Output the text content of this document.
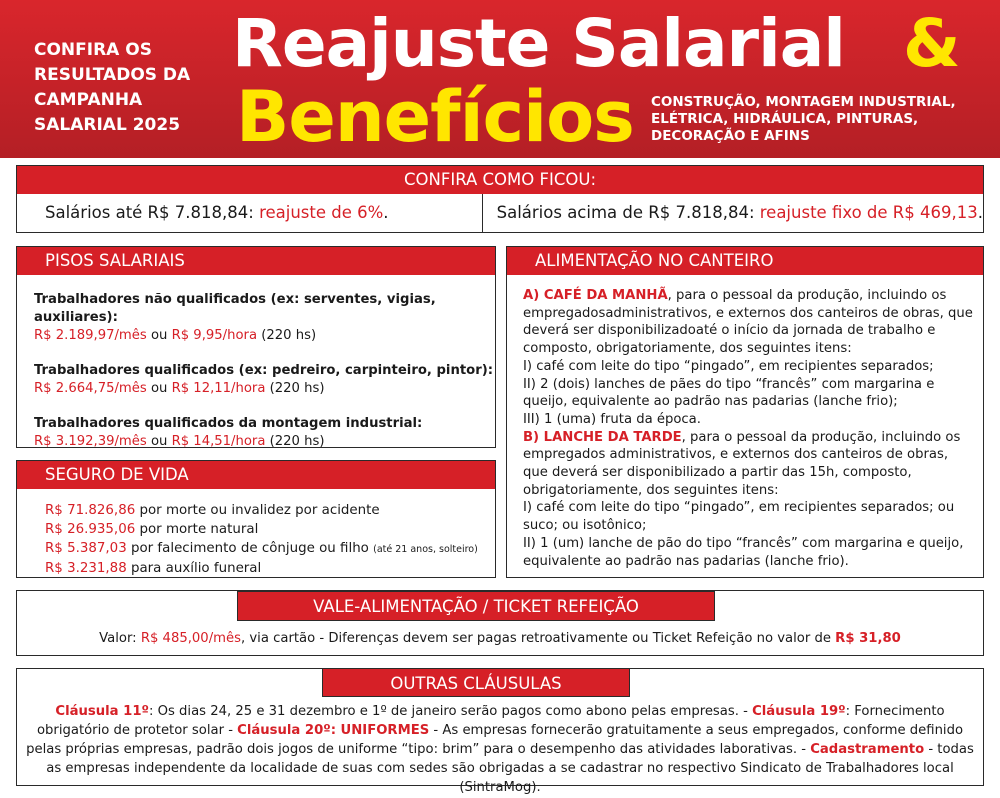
CONFIRA OS
RESULTADOS DA
CAMPANHA
SALARIAL 2025
Reajuste Salarial &
Benefícios CONSTRUÇÃO, MONTAGEM INDUSTRIAL,
ELÉTRICA, HIDRÁULICA, PINTURAS,
DECORAÇÃO E AFINS
CONFIRA COMO FICOU:
Salários até R$ 7.818,84: reajuste de 6%.	Salários acima de R$ 7.818,84: reajuste fixo de R$ 469,13.
PISOS SALARIAIS
Trabalhadores não qualificados (ex: serventes, vigias, auxiliares):
R$ 2.189,97/mês ou R$ 9,95/hora (220 hs)
Trabalhadores qualificados (ex: pedreiro, carpinteiro, pintor):
R$ 2.664,75/mês ou R$ 12,11/hora (220 hs)
Trabalhadores qualificados da montagem industrial:
R$ 3.192,39/mês ou R$ 14,51/hora (220 hs)
SEGURO DE VIDA
R$ 71.826,86 por morte ou invalidez por acidente
R$ 26.935,06 por morte natural
R$ 5.387,03 por falecimento de cônjuge ou filho (até 21 anos, solteiro)
R$ 3.231,88 para auxílio funeral
ALIMENTAÇÃO NO CANTEIRO
A) CAFÉ DA MANHÃ, para o pessoal da produção, incluindo os empregadosadministrativos, e externos dos canteiros de obras, que deverá ser disponibilizadoaté o início da jornada de trabalho e composto, obrigatoriamente, dos seguintes itens:
I) café com leite do tipo “pingado”, em recipientes separados;
II) 2 (dois) lanches de pães do tipo “francês” com margarina e queijo, equivalente ao padrão nas padarias (lanche frio);
III) 1 (uma) fruta da época.
B) LANCHE DA TARDE, para o pessoal da produção, incluindo os empregados administrativos, e externos dos canteiros de obras, que deverá ser disponibilizado a partir das 15h, composto, obrigatoriamente, dos seguintes itens:
I) café com leite do tipo “pingado”, em recipientes separados; ou suco; ou isotônico;
II) 1 (um) lanche de pão do tipo “francês” com margarina e queijo, equivalente ao padrão nas padarias (lanche frio).
VALE-ALIMENTAÇÃO / TICKET REFEIÇÃO
Valor: R$ 485,00/mês, via cartão - Diferenças devem ser pagas retroativamente ou Ticket Refeição no valor de R$ 31,80
OUTRAS CLÁUSULAS
Cláusula 11º: Os dias 24, 25 e 31 dezembro e 1º de janeiro serão pagos como abono pelas empresas. - Cláusula 19º: Fornecimento obrigatório de protetor solar - Cláusula 20º: UNIFORMES - As empresas fornecerão gratuitamente a seus empregados, conforme definido pelas próprias empresas, padrão dois jogos de uniforme “tipo: brim” para o desempenho das atividades laborativas. - Cadastramento - todas as empresas independente da localidade de suas com sedes são obrigadas a se cadastrar no respectivo Sindicato de Trabalhadores local (SintraMog).
